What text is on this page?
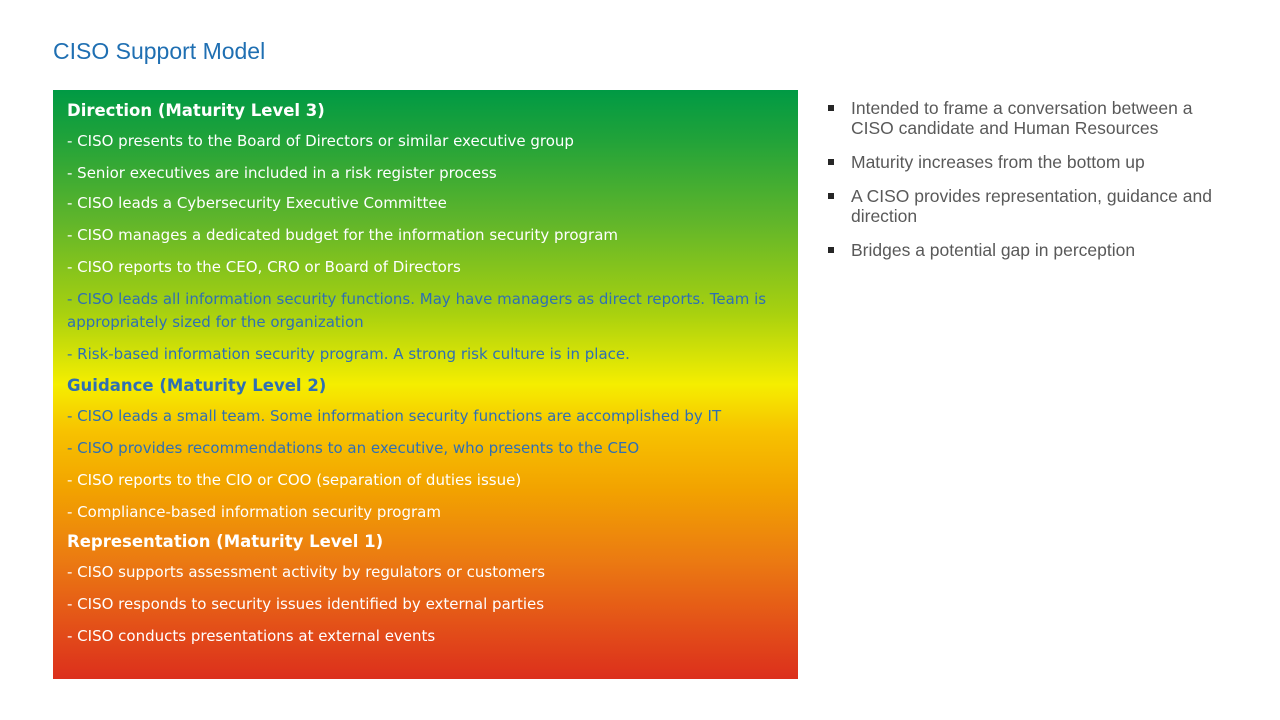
CISO Support Model
Direction (Maturity Level 3)
- CISO presents to the Board of Directors or similar executive group
- Senior executives are included in a risk register process
- CISO leads a Cybersecurity Executive Committee
- CISO manages a dedicated budget for the information security program
- CISO reports to the CEO, CRO or Board of Directors
- CISO leads all information security functions. May have managers as direct reports. Team is appropriately sized for the organization
- Risk-based information security program. A strong risk culture is in place.
Guidance (Maturity Level 2)
- CISO leads a small team. Some information security functions are accomplished by IT
- CISO provides recommendations to an executive, who presents to the CEO
- CISO reports to the CIO or COO (separation of duties issue)
- Compliance-based information security program
Representation (Maturity Level 1)
- CISO supports assessment activity by regulators or customers
- CISO responds to security issues identified by external parties
- CISO conducts presentations at external events
Intended to frame a conversation between a CISO candidate and Human Resources
Maturity increases from the bottom up
A CISO provides representation, guidance and direction
Bridges a potential gap in perception
